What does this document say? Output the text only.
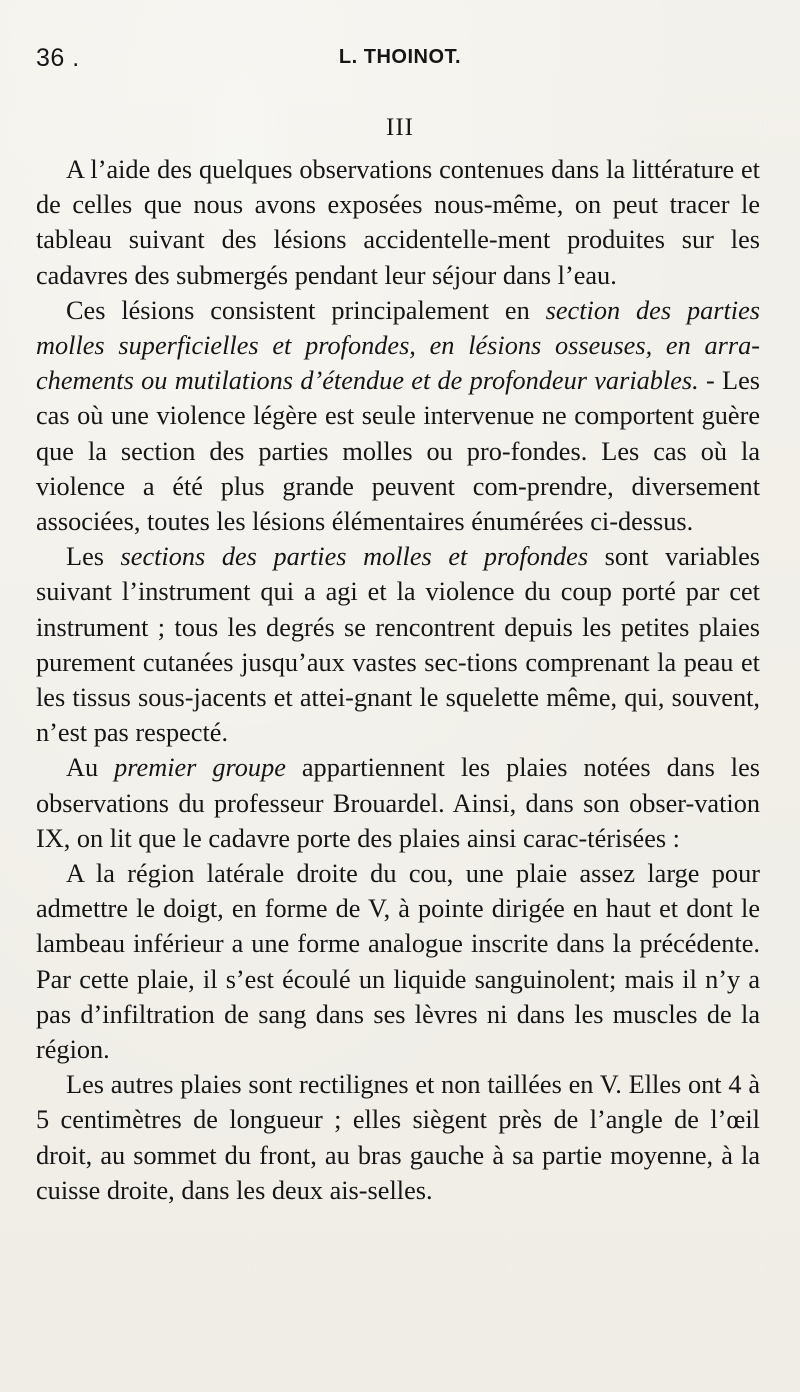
36 .	L. THOINOT.
III

A l’aide des quelques observations contenues dans la littérature et de celles que nous avons exposées nous-même, on peut tracer le tableau suivant des lésions accidentelle-ment produites sur les cadavres des submergés pendant leur séjour dans l’eau.

Ces lésions consistent principalement en section des parties molles superficielles et profondes, en lésions osseuses, en arra-chements ou mutilations d’étendue et de profondeur variables. - Les cas où une violence légère est seule intervenue ne comportent guère que la section des parties molles ou pro-fondes. Les cas où la violence a été plus grande peuvent com-prendre, diversement associées, toutes les lésions élémentaires énumérées ci-dessus.

Les sections des parties molles et profondes sont variables suivant l’instrument qui a agi et la violence du coup porté par cet instrument ; tous les degrés se rencontrent depuis les petites plaies purement cutanées jusqu’aux vastes sec-tions comprenant la peau et les tissus sous-jacents et attei-gnant le squelette même, qui, souvent, n’est pas respecté.

Au premier groupe appartiennent les plaies notées dans les observations du professeur Brouardel. Ainsi, dans son obser-vation IX, on lit que le cadavre porte des plaies ainsi carac-térisées :

A la région latérale droite du cou, une plaie assez large pour admettre le doigt, en forme de V, à pointe dirigée en haut et dont le lambeau inférieur a une forme analogue inscrite dans la précédente. Par cette plaie, il s’est écoulé un liquide sanguinolent; mais il n’y a pas d’infiltration de sang dans ses lèvres ni dans les muscles de la région.

Les autres plaies sont rectilignes et non taillées en V. Elles ont 4 à 5 centimètres de longueur ; elles siègent près de l’angle de l’œil droit, au sommet du front, au bras gauche à sa partie moyenne, à la cuisse droite, dans les deux ais-selles.
